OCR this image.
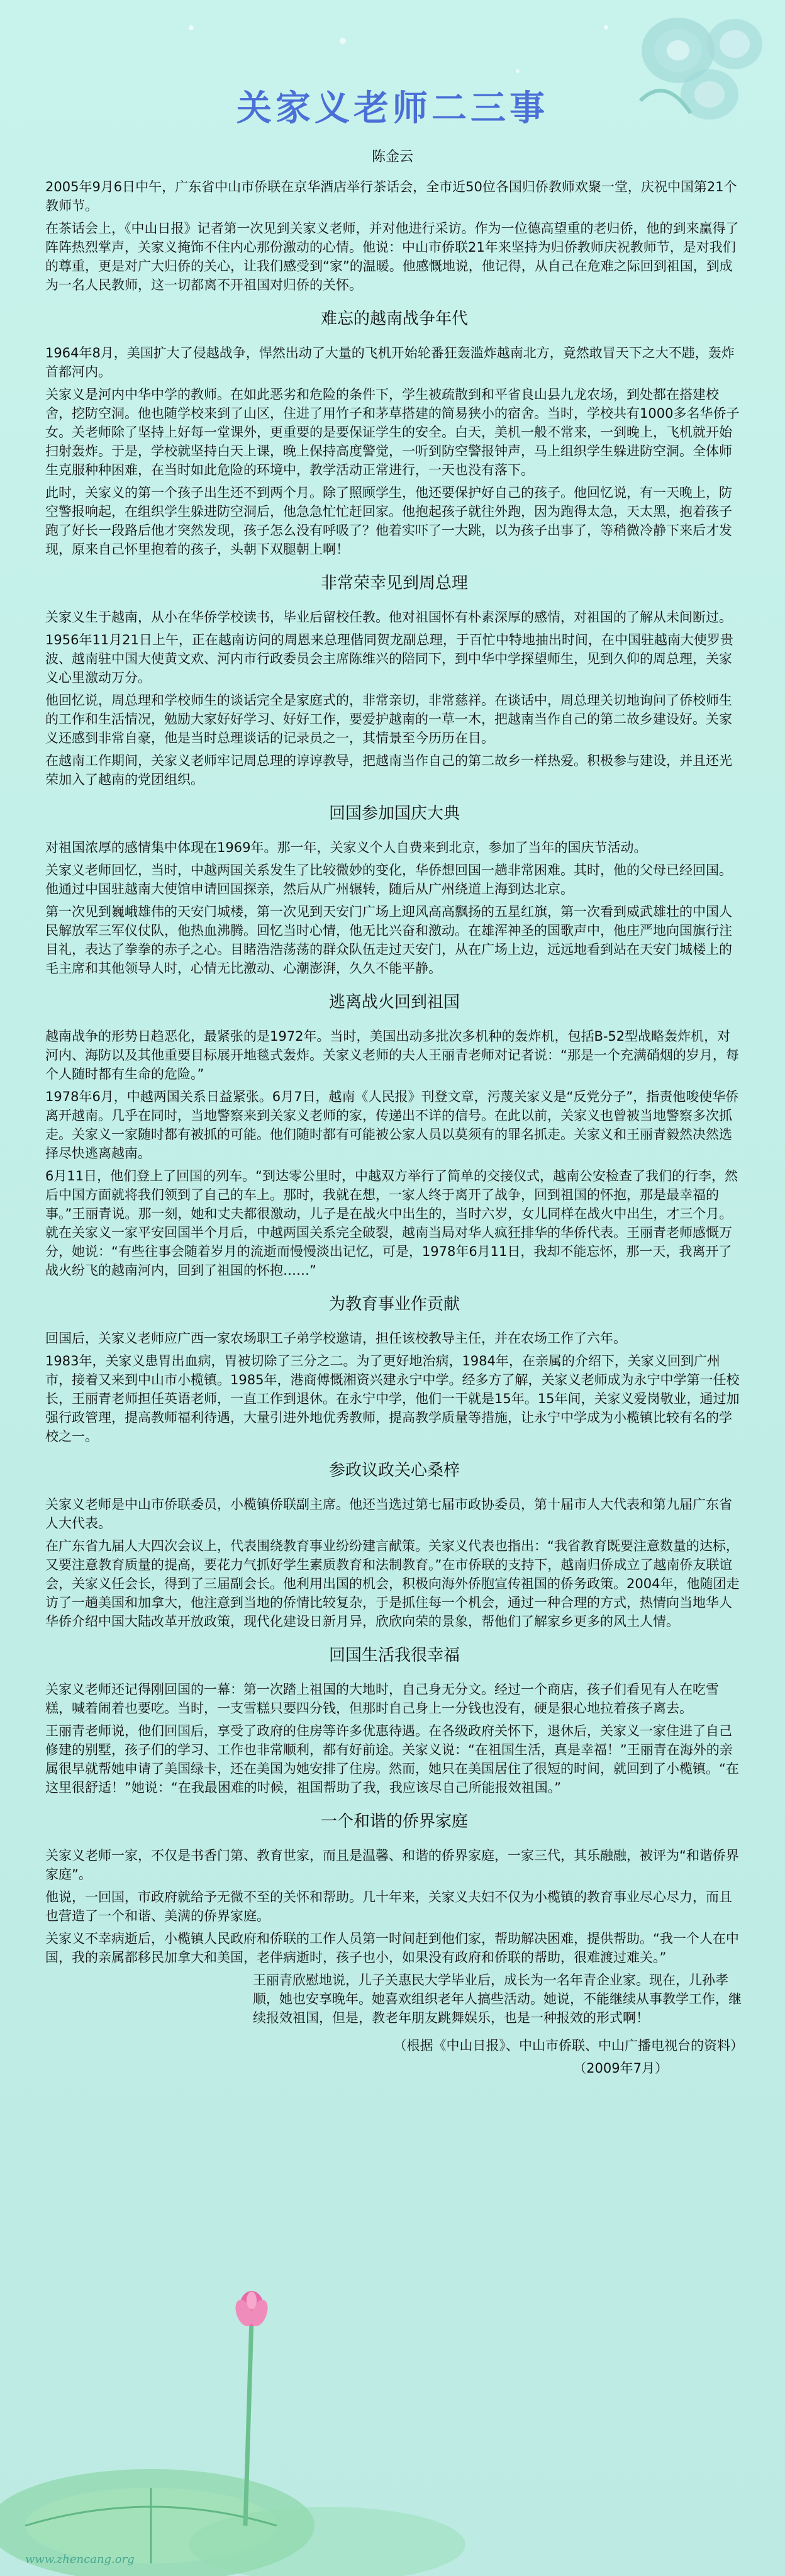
关家义老师二三事
陈金云

2005年9月6日中午，广东省中山市侨联在京华酒店举行茶话会，全市近50位各国归侨教师欢聚一堂，庆祝中国第21个教师节。

在茶话会上，《中山日报》记者第一次见到关家义老师，并对他进行采访。作为一位德高望重的老归侨，他的到来赢得了阵阵热烈掌声，关家义掩饰不住内心那份激动的心情。他说：中山市侨联21年来坚持为归侨教师庆祝教师节，是对我们的尊重，更是对广大归侨的关心，让我们感受到“家”的温暖。他感慨地说，他记得，从自己在危难之际回到祖国，到成为一名人民教师，这一切都离不开祖国对归侨的关怀。

难忘的越南战争年代

1964年8月，美国扩大了侵越战争，悍然出动了大量的飞机开始轮番狂轰滥炸越南北方，竟然敢冒天下之大不韪，轰炸首都河内。

关家义是河内中华中学的教师。在如此恶劣和危险的条件下，学生被疏散到和平省良山县九龙农场，到处都在搭建校舍，挖防空洞。他也随学校来到了山区，住进了用竹子和茅草搭建的简易狭小的宿舍。当时，学校共有1000多名华侨子女。关老师除了坚持上好每一堂课外，更重要的是要保证学生的安全。白天，美机一般不常来，一到晚上，飞机就开始扫射轰炸。于是，学校就坚持白天上课，晚上保持高度警觉，一听到防空警报钟声，马上组织学生躲进防空洞。全体师生克服种种困难，在当时如此危险的环境中，教学活动正常进行，一天也没有落下。

此时，关家义的第一个孩子出生还不到两个月。除了照顾学生，他还要保护好自己的孩子。他回忆说，有一天晚上，防空警报响起，在组织学生躲进防空洞后，他急急忙忙赶回家。他抱起孩子就往外跑，因为跑得太急，天太黑，抱着孩子跑了好长一段路后他才突然发现，孩子怎么没有呼吸了？他着实吓了一大跳，以为孩子出事了，等稍微冷静下来后才发现，原来自己怀里抱着的孩子，头朝下双腿朝上啊！

非常荣幸见到周总理

关家义生于越南，从小在华侨学校读书，毕业后留校任教。他对祖国怀有朴素深厚的感情，对祖国的了解从未间断过。

1956年11月21日上午，正在越南访问的周恩来总理偕同贺龙副总理，于百忙中特地抽出时间，在中国驻越南大使罗贵波、越南驻中国大使黄文欢、河内市行政委员会主席陈维兴的陪同下，到中华中学探望师生，见到久仰的周总理，关家义心里激动万分。

他回忆说，周总理和学校师生的谈话完全是家庭式的，非常亲切，非常慈祥。在谈话中，周总理关切地询问了侨校师生的工作和生活情况，勉励大家好好学习、好好工作，要爱护越南的一草一木，把越南当作自己的第二故乡建设好。关家义还感到非常自豪，他是当时总理谈话的记录员之一，其情景至今历历在目。

在越南工作期间，关家义老师牢记周总理的谆谆教导，把越南当作自己的第二故乡一样热爱。积极参与建设，并且还光荣加入了越南的党团组织。

回国参加国庆大典

对祖国浓厚的感情集中体现在1969年。那一年，关家义个人自费来到北京，参加了当年的国庆节活动。

关家义老师回忆，当时，中越两国关系发生了比较微妙的变化，华侨想回国一趟非常困难。其时，他的父母已经回国。他通过中国驻越南大使馆申请回国探亲，然后从广州辗转，随后从广州绕道上海到达北京。

第一次见到巍峨雄伟的天安门城楼，第一次见到天安门广场上迎风高高飘扬的五星红旗，第一次看到威武雄壮的中国人民解放军三军仪仗队，他热血沸腾。回忆当时心情，他无比兴奋和激动。在雄浑神圣的国歌声中，他庄严地向国旗行注目礼，表达了拳拳的赤子之心。目睹浩浩荡荡的群众队伍走过天安门，从在广场上边，远远地看到站在天安门城楼上的毛主席和其他领导人时，心情无比激动、心潮澎湃，久久不能平静。

逃离战火回到祖国

越南战争的形势日趋恶化，最紧张的是1972年。当时，美国出动多批次多机种的轰炸机，包括B-52型战略轰炸机，对河内、海防以及其他重要目标展开地毯式轰炸。关家义老师的夫人王丽青老师对记者说：“那是一个充满硝烟的岁月，每个人随时都有生命的危险。”

1978年6月，中越两国关系日益紧张。6月7日，越南《人民报》刊登文章，污蔑关家义是“反党分子”，指责他唆使华侨离开越南。几乎在同时，当地警察来到关家义老师的家，传递出不详的信号。在此以前，关家义也曾被当地警察多次抓走。关家义一家随时都有被抓的可能。他们随时都有可能被公家人员以莫须有的罪名抓走。关家义和王丽青毅然决然选择尽快逃离越南。

6月11日，他们登上了回国的列车。“到达零公里时，中越双方举行了简单的交接仪式，越南公安检查了我们的行李，然后中国方面就将我们领到了自己的车上。那时，我就在想，一家人终于离开了战争，回到祖国的怀抱，那是最幸福的事。”王丽青说。那一刻，她和丈夫都很激动，儿子是在战火中出生的，当时六岁，女儿同样在战火中出生，才三个月。就在关家义一家平安回国半个月后，中越两国关系完全破裂，越南当局对华人疯狂排华的华侨代表。王丽青老师感慨万分，她说：“有些往事会随着岁月的流逝而慢慢淡出记忆，可是，1978年6月11日，我却不能忘怀，那一天，我离开了战火纷飞的越南河内，回到了祖国的怀抱……”

为教育事业作贡献

回国后，关家义老师应广西一家农场职工子弟学校邀请，担任该校教导主任，并在农场工作了六年。

1983年，关家义患胃出血病，胃被切除了三分之二。为了更好地治病，1984年，在亲属的介绍下，关家义回到广州市，接着又来到中山市小榄镇。1985年，港商傅慨湘资兴建永宁中学。经多方了解，关家义老师成为永宁中学第一任校长，王丽青老师担任英语老师，一直工作到退休。在永宁中学，他们一干就是15年。15年间，关家义爱岗敬业，通过加强行政管理，提高教师福利待遇，大量引进外地优秀教师，提高教学质量等措施，让永宁中学成为小榄镇比较有名的学校之一。

参政议政关心桑梓

关家义老师是中山市侨联委员，小榄镇侨联副主席。他还当选过第七届市政协委员，第十届市人大代表和第九届广东省人大代表。

在广东省九届人大四次会议上，代表围绕教育事业纷纷建言献策。关家义代表也指出：“我省教育既要注意数量的达标，又要注意教育质量的提高，要花力气抓好学生素质教育和法制教育。”在市侨联的支持下，越南归侨成立了越南侨友联谊会，关家义任会长，得到了三届副会长。他利用出国的机会，积极向海外侨胞宣传祖国的侨务政策。2004年，他随团走访了一趟美国和加拿大，他注意到当地的侨情比较复杂，于是抓住每一个机会，通过一种合理的方式，热情向当地华人华侨介绍中国大陆改革开放政策，现代化建设日新月异，欣欣向荣的景象，帮他们了解家乡更多的风土人情。

回国生活我很幸福

关家义老师还记得刚回国的一幕：第一次踏上祖国的大地时，自己身无分文。经过一个商店，孩子们看见有人在吃雪糕，喊着闹着也要吃。当时，一支雪糕只要四分钱，但那时自己身上一分钱也没有，硬是狠心地拉着孩子离去。

王丽青老师说，他们回国后，享受了政府的住房等许多优惠待遇。在各级政府关怀下，退休后，关家义一家住进了自己修建的别墅，孩子们的学习、工作也非常顺利，都有好前途。关家义说：“在祖国生活，真是幸福！”王丽青在海外的亲属很早就帮她申请了美国绿卡，还在美国为她安排了住房。然而，她只在美国居住了很短的时间，就回到了小榄镇。“在这里很舒适！”她说：“在我最困难的时候，祖国帮助了我，我应该尽自己所能报效祖国。”

一个和谐的侨界家庭

关家义老师一家，不仅是书香门第、教育世家，而且是温馨、和谐的侨界家庭，一家三代，其乐融融，被评为“和谐侨界家庭”。

他说，一回国，市政府就给予无微不至的关怀和帮助。几十年来，关家义夫妇不仅为小榄镇的教育事业尽心尽力，而且也营造了一个和谐、美满的侨界家庭。

关家义不幸病逝后，小榄镇人民政府和侨联的工作人员第一时间赶到他们家，帮助解决困难，提供帮助。“我一个人在中国，我的亲属都移民加拿大和美国，老伴病逝时，孩子也小，如果没有政府和侨联的帮助，很难渡过难关。”

王丽青欣慰地说，儿子关惠民大学毕业后，成长为一名年青企业家。现在，儿孙孝顺，她也安享晚年。她喜欢组织老年人搞些活动。她说，不能继续从事教学工作，继续报效祖国，但是，教老年朋友跳舞娱乐，也是一种报效的形式啊！

（根据《中山日报》、中山市侨联、中山广播电视台的资料）

（2009年7月）

www.zhencang.org
